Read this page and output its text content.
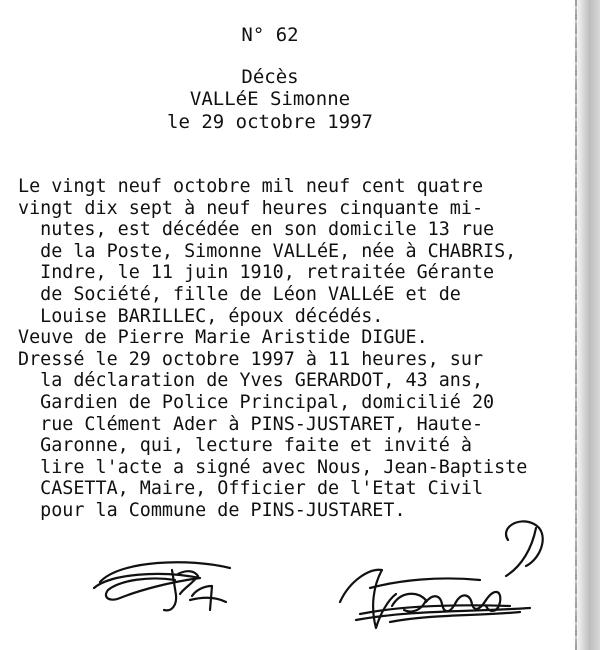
N° 62
Décès
VALLéE Simonne
le 29 octobre 1997
Le vingt neuf octobre mil neuf cent quatre
vingt dix sept à neuf heures cinquante mi-
nutes, est décédée en son domicile 13 rue
de la Poste, Simonne VALLéE, née à CHABRIS,
Indre, le 11 juin 1910, retraitée Gérante
de Société, fille de Léon VALLéE et de
Louise BARILLEC, époux décédés.
Veuve de Pierre Marie Aristide DIGUE.
Dressé le 29 octobre 1997 à 11 heures, sur
la déclaration de Yves GERARDOT, 43 ans,
Gardien de Police Principal, domicilié 20
rue Clément Ader à PINS-JUSTARET, Haute-
Garonne, qui, lecture faite et invité à
lire l'acte a signé avec Nous, Jean-Baptiste
CASETTA, Maire, Officier de l'Etat Civil
pour la Commune de PINS-JUSTARET.
